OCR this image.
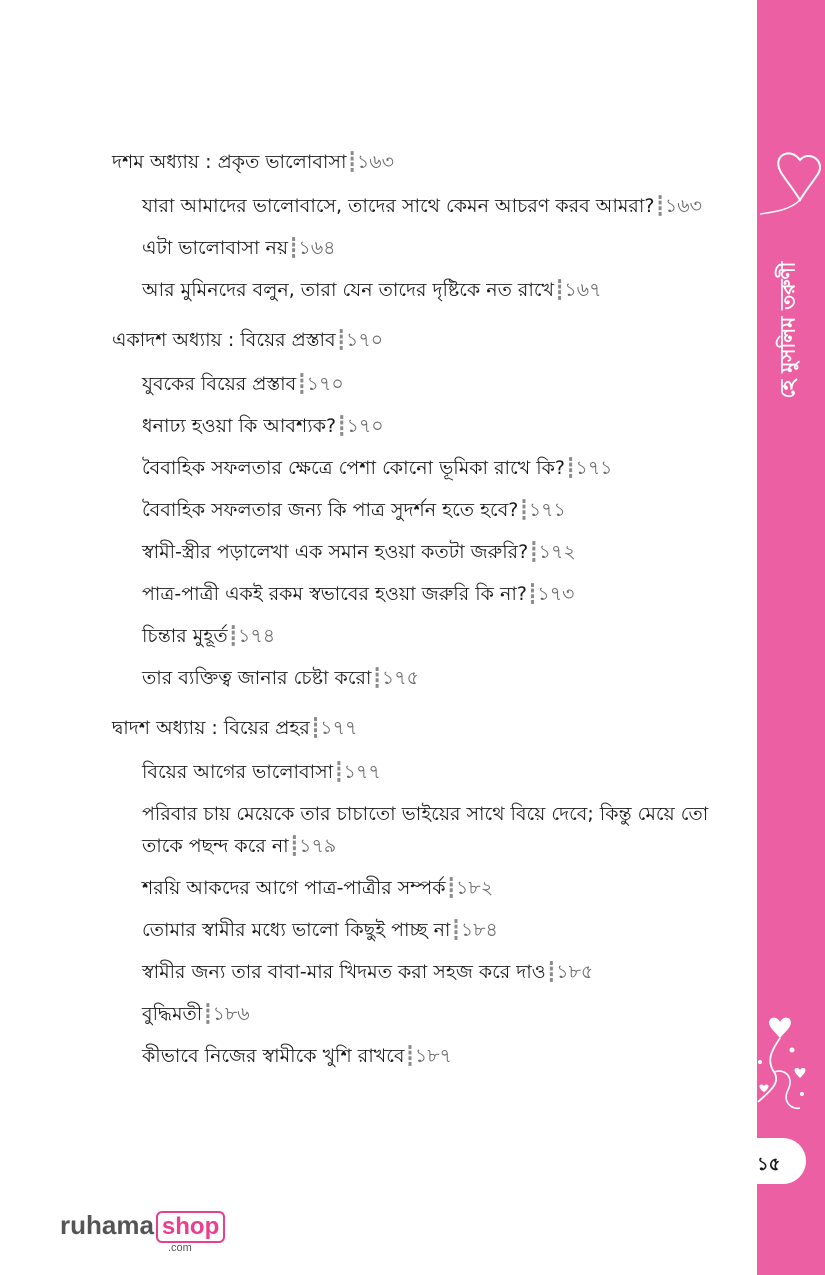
দশম অধ্যায় : প্রকৃত ভালোবাসা┋১৬৩
যারা আমাদের ভালোবাসে, তাদের সাথে কেমন আচরণ করব আমরা?┋১৬৩
এটা ভালোবাসা নয়┋১৬৪
আর মুমিনদের বলুন, তারা যেন তাদের দৃষ্টিকে নত রাখে┋১৬৭
একাদশ অধ্যায় : বিয়ের প্রস্তাব┋১৭০
যুবকের বিয়ের প্রস্তাব┋১৭০
ধনাঢ্য হওয়া কি আবশ্যক?┋১৭০
বৈবাহিক সফলতার ক্ষেত্রে পেশা কোনো ভূমিকা রাখে কি?┋১৭১
বৈবাহিক সফলতার জন্য কি পাত্র সুদর্শন হতে হবে?┋১৭১
স্বামী-স্ত্রীর পড়ালেখা এক সমান হওয়া কতটা জরুরি?┋১৭২
পাত্র-পাত্রী একই রকম স্বভাবের হওয়া জরুরি কি না?┋১৭৩
চিন্তার মুহূর্ত┋১৭৪
তার ব্যক্তিত্ব জানার চেষ্টা করো┋১৭৫
দ্বাদশ অধ্যায় : বিয়ের প্রহর┋১৭৭
বিয়ের আগের ভালোবাসা┋১৭৭
পরিবার চায় মেয়েকে তার চাচাতো ভাইয়ের সাথে বিয়ে দেবে; কিন্তু মেয়ে তো তাকে পছন্দ করে না┋১৭৯
শরয়ি আকদের আগে পাত্র-পাত্রীর সম্পর্ক┋১৮২
তোমার স্বামীর মধ্যে ভালো কিছুই পাচ্ছ না┋১৮৪
স্বামীর জন্য তার বাবা-মার খিদমত করা সহজ করে দাও┋১৮৫
বুদ্ধিমতী┋১৮৬
কীভাবে নিজের স্বামীকে খুশি রাখবে┋১৮৭
হে মুসলিম তরুণী
১৫
ruhama shop
.com
